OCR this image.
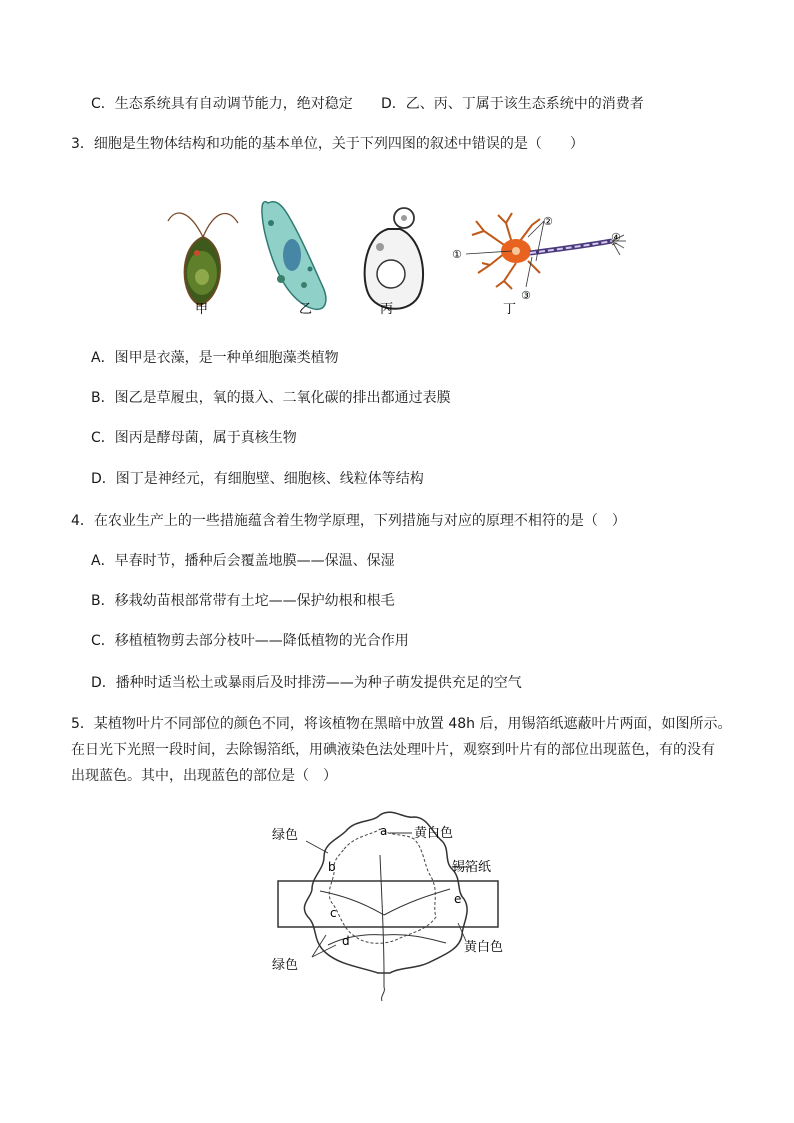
C．生态系统具有自动调节能力，绝对稳定 D．乙、丙、丁属于该生态系统中的消费者
3．细胞是生物体结构和功能的基本单位，关于下列四图的叙述中错误的是（　　）
①
②
③
④
甲	乙	丙	丁
A．图甲是衣藻，是一种单细胞藻类植物
B．图乙是草履虫，氧的摄入、二氧化碳的排出都通过表膜
C．图丙是酵母菌，属于真核生物
D．图丁是神经元，有细胞壁、细胞核、线粒体等结构
4．在农业生产上的一些措施蕴含着生物学原理，下列措施与对应的原理不相符的是（　）
A．早春时节，播种后会覆盖地膜——保温、保湿
B．移栽幼苗根部常带有土坨——保护幼根和根毛
C．移植植物剪去部分枝叶——降低植物的光合作用
D．播种时适当松土或暴雨后及时排涝——为种子萌发提供充足的空气
5．某植物叶片不同部位的颜色不同，将该植物在黑暗中放置 48h 后，用锡箔纸遮蔽叶片两面，如图所示。
在日光下光照一段时间，去除锡箔纸，用碘液染色法处理叶片，观察到叶片有的部位出现蓝色，有的没有
出现蓝色。其中，出现蓝色的部位是（　）
a
b
c
d
e
绿色	黄白色
锡箔纸
黄白色
绿色
